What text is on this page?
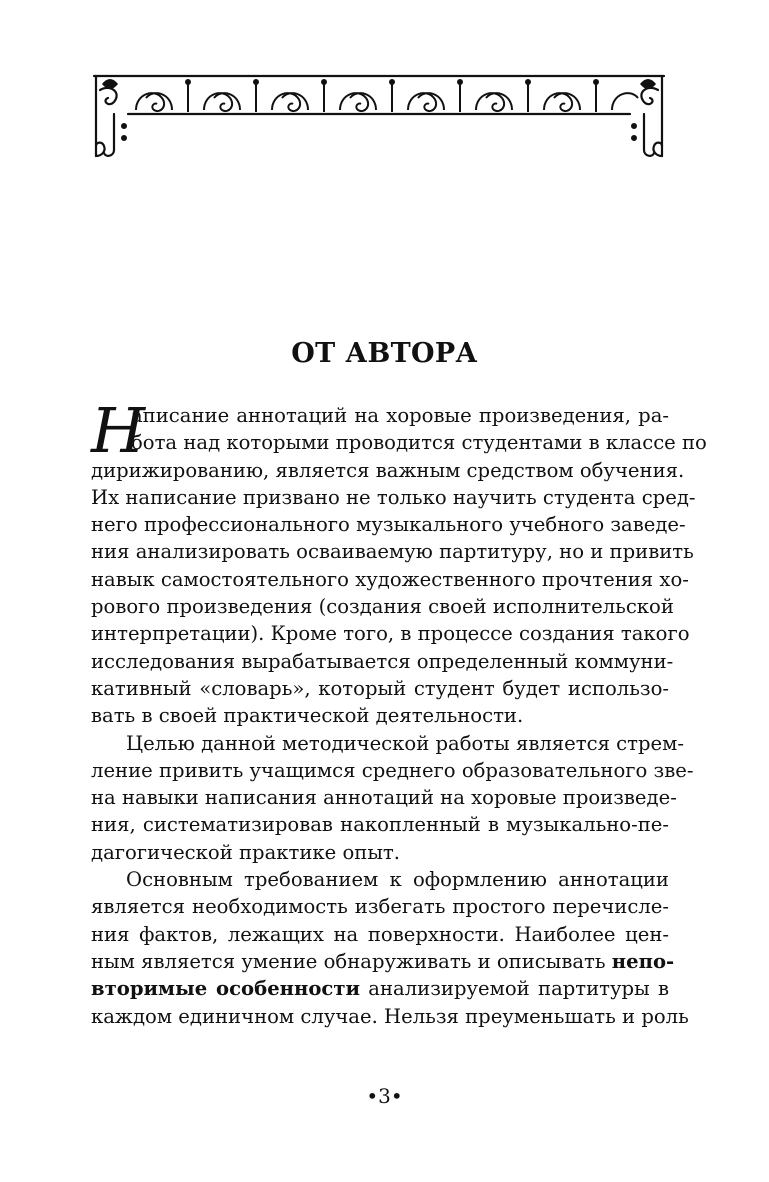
ОТ АВТОРА
Н
аписание аннотаций на хоровые произведения, ра-
бота над которыми проводится студентами в классе по
дирижированию, является важным средством обучения.
Их написание призвано не только научить студента сред-
него профессионального музыкального учебного заведе-
ния анализировать осваиваемую партитуру, но и привить
навык самостоятельного художественного прочтения хо-
рового произведения (создания своей исполнительской
интерпретации). Кроме того, в процессе создания такого
исследования вырабатывается определенный коммуни-
кативный «словарь», который студент будет использо-
вать в своей практической деятельности.
Целью данной методической работы является стрем-
ление привить учащимся среднего образовательного зве-
на навыки написания аннотаций на хоровые произведе-
ния, систематизировав накопленный в музыкально-пе-
дагогической практике опыт.
Основным требованием к оформлению аннотации
является необходимость избегать простого перечисле-
ния фактов, лежащих на поверхности. Наиболее цен-
ным является умение обнаруживать и описывать непо-
вторимые особенности анализируемой партитуры в
каждом единичном случае. Нельзя преуменьшать и роль
•3•
